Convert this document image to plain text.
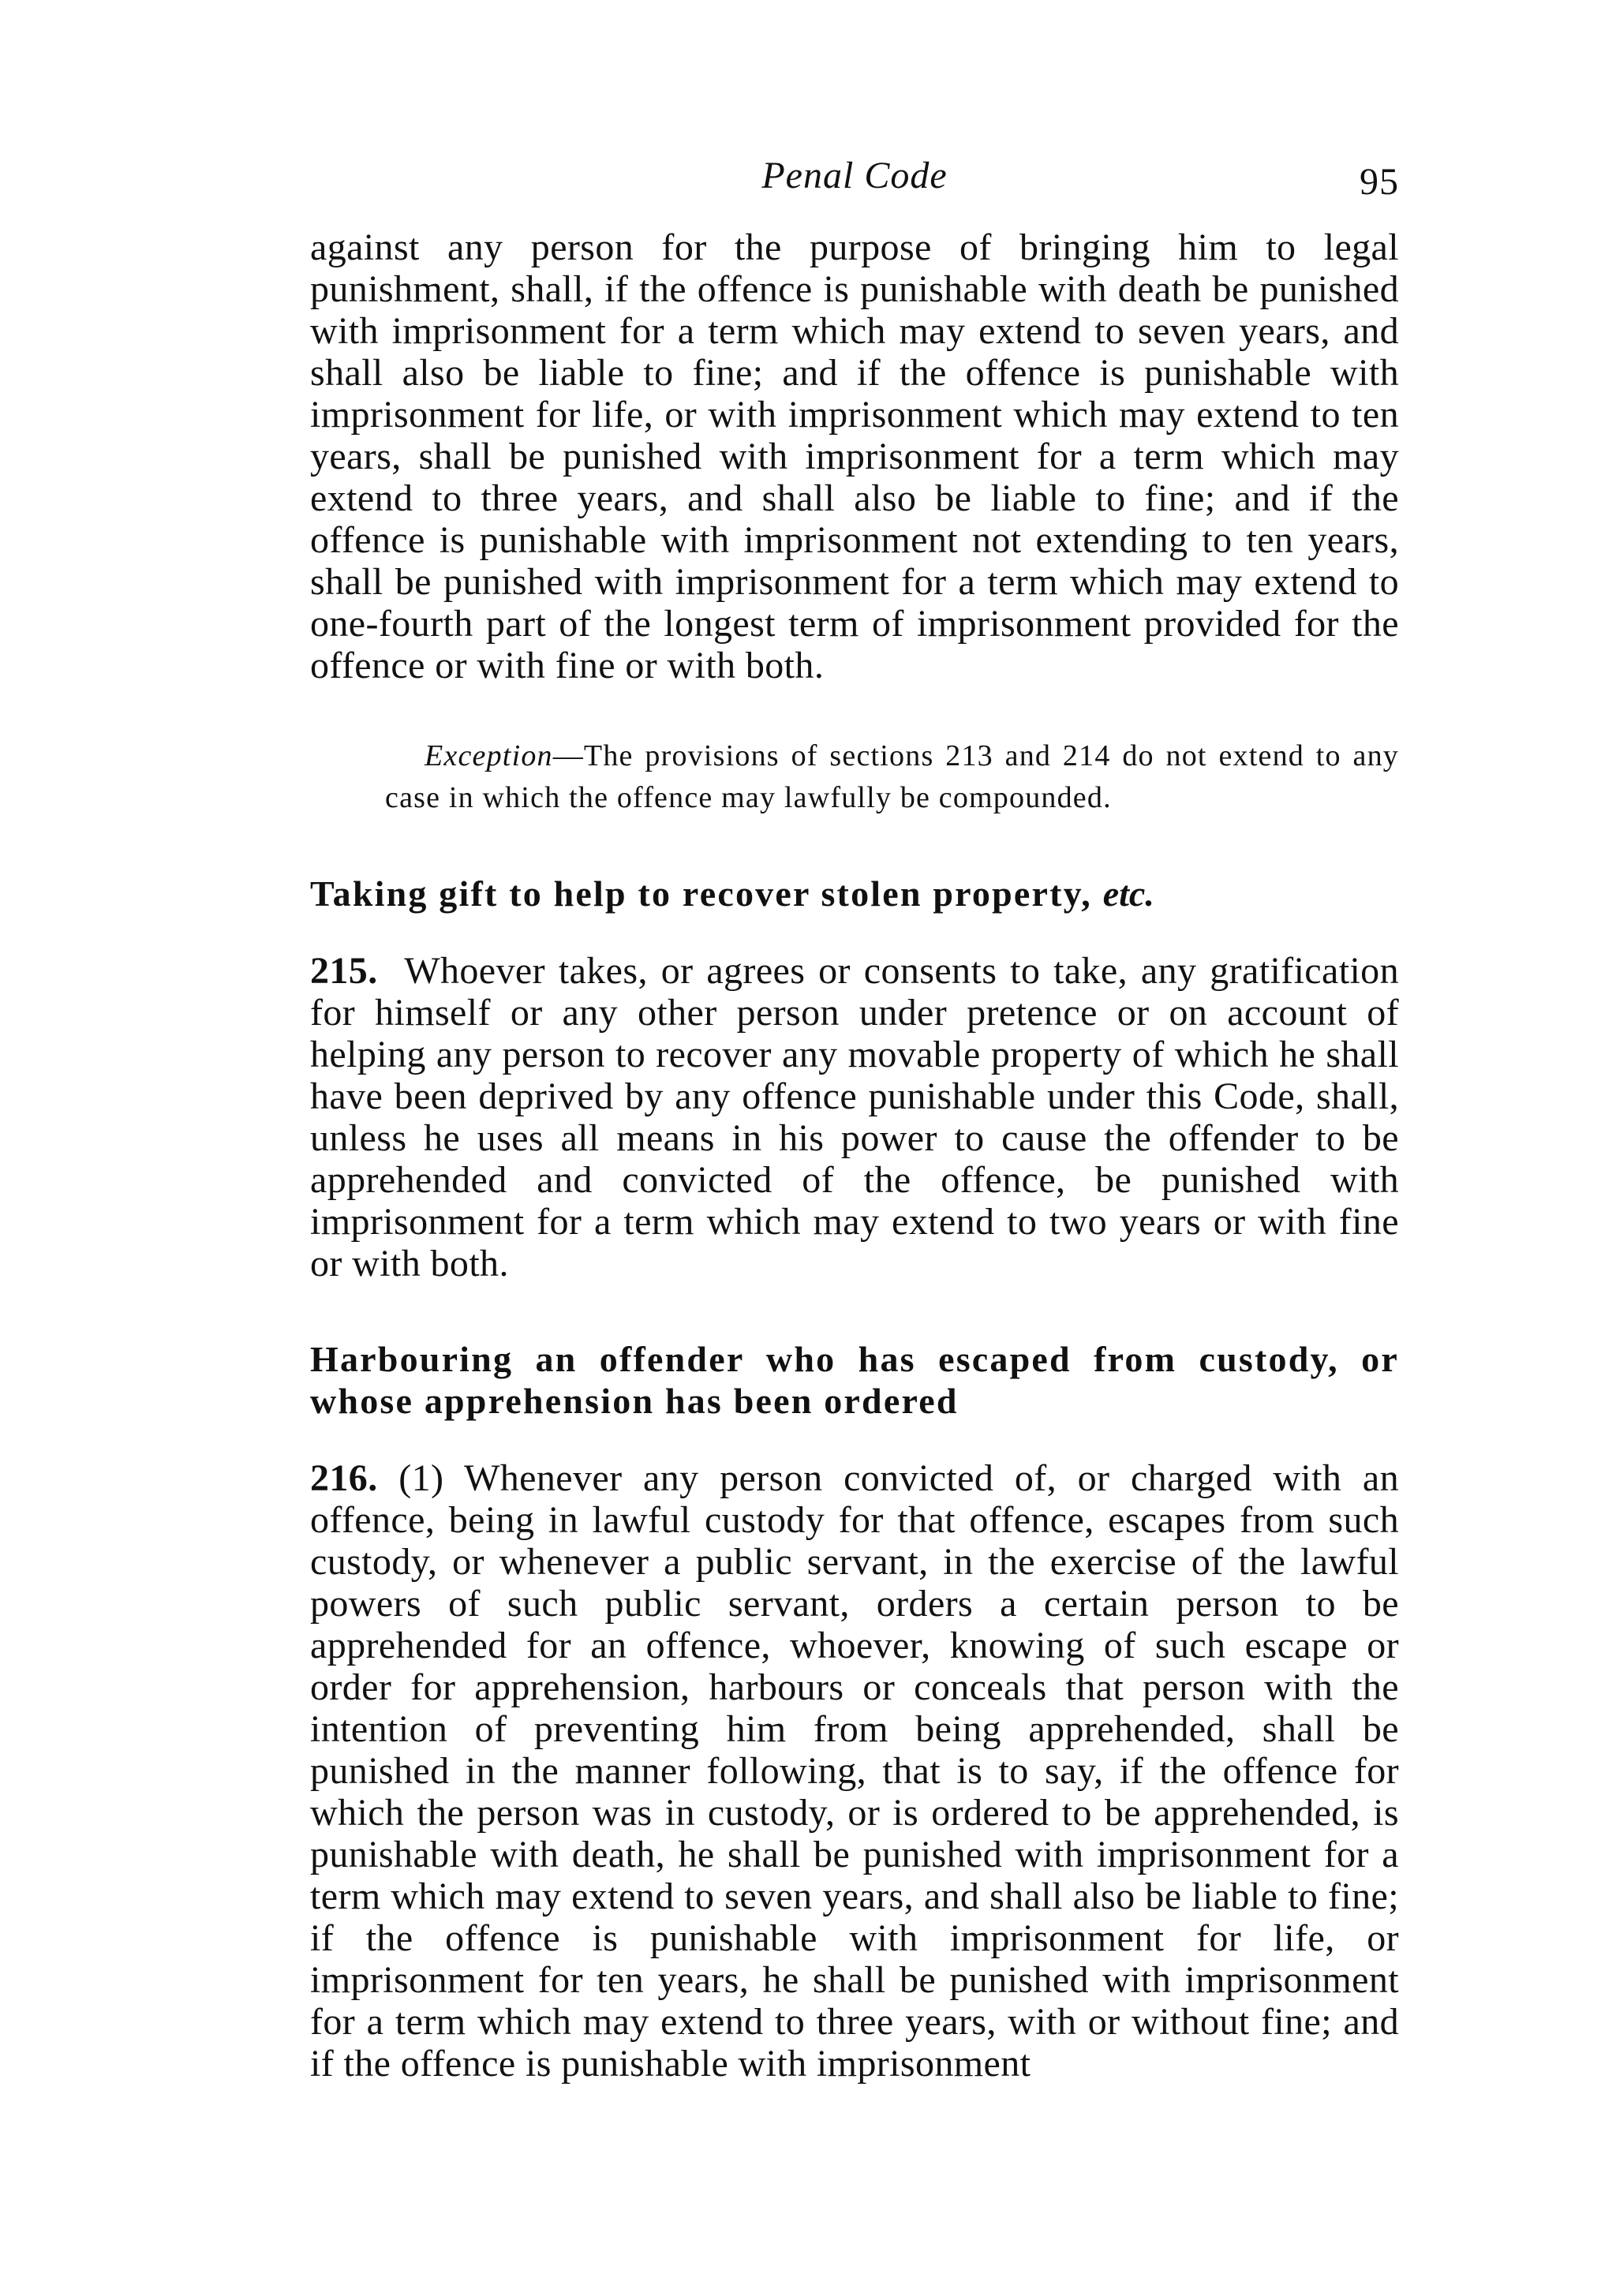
Penal Code	95

against any person for the purpose of bringing him to legal punishment, shall, if the offence is punishable with death be punished with imprisonment for a term which may extend to seven years, and shall also be liable to fine; and if the offence is punishable with imprisonment for life, or with imprisonment which may extend to ten years, shall be punished with imprisonment for a term which may extend to three years, and shall also be liable to fine; and if the offence is punishable with imprisonment not extending to ten years, shall be punished with imprisonment for a term which may extend to one-fourth part of the longest term of imprisonment provided for the offence or with fine or with both.

Exception—The provisions of sections 213 and 214 do not extend to any case in which the offence may lawfully be compounded.

Taking gift to help to recover stolen property, etc.

215. Whoever takes, or agrees or consents to take, any gratification for himself or any other person under pretence or on account of helping any person to recover any movable property of which he shall have been deprived by any offence punishable under this Code, shall, unless he uses all means in his power to cause the offender to be apprehended and convicted of the offence, be punished with imprisonment for a term which may extend to two years or with fine or with both.

Harbouring an offender who has escaped from custody, or whose apprehension has been ordered

216. (1) Whenever any person convicted of, or charged with an offence, being in lawful custody for that offence, escapes from such custody, or whenever a public servant, in the exercise of the lawful powers of such public servant, orders a certain person to be apprehended for an offence, whoever, knowing of such escape or order for apprehension, harbours or conceals that person with the intention of preventing him from being apprehended, shall be punished in the manner following, that is to say, if the offence for which the person was in custody, or is ordered to be apprehended, is punishable with death, he shall be punished with imprisonment for a term which may extend to seven years, and shall also be liable to fine; if the offence is punishable with imprisonment for life, or imprisonment for ten years, he shall be punished with imprisonment for a term which may extend to three years, with or without fine; and if the offence is punishable with imprisonment
